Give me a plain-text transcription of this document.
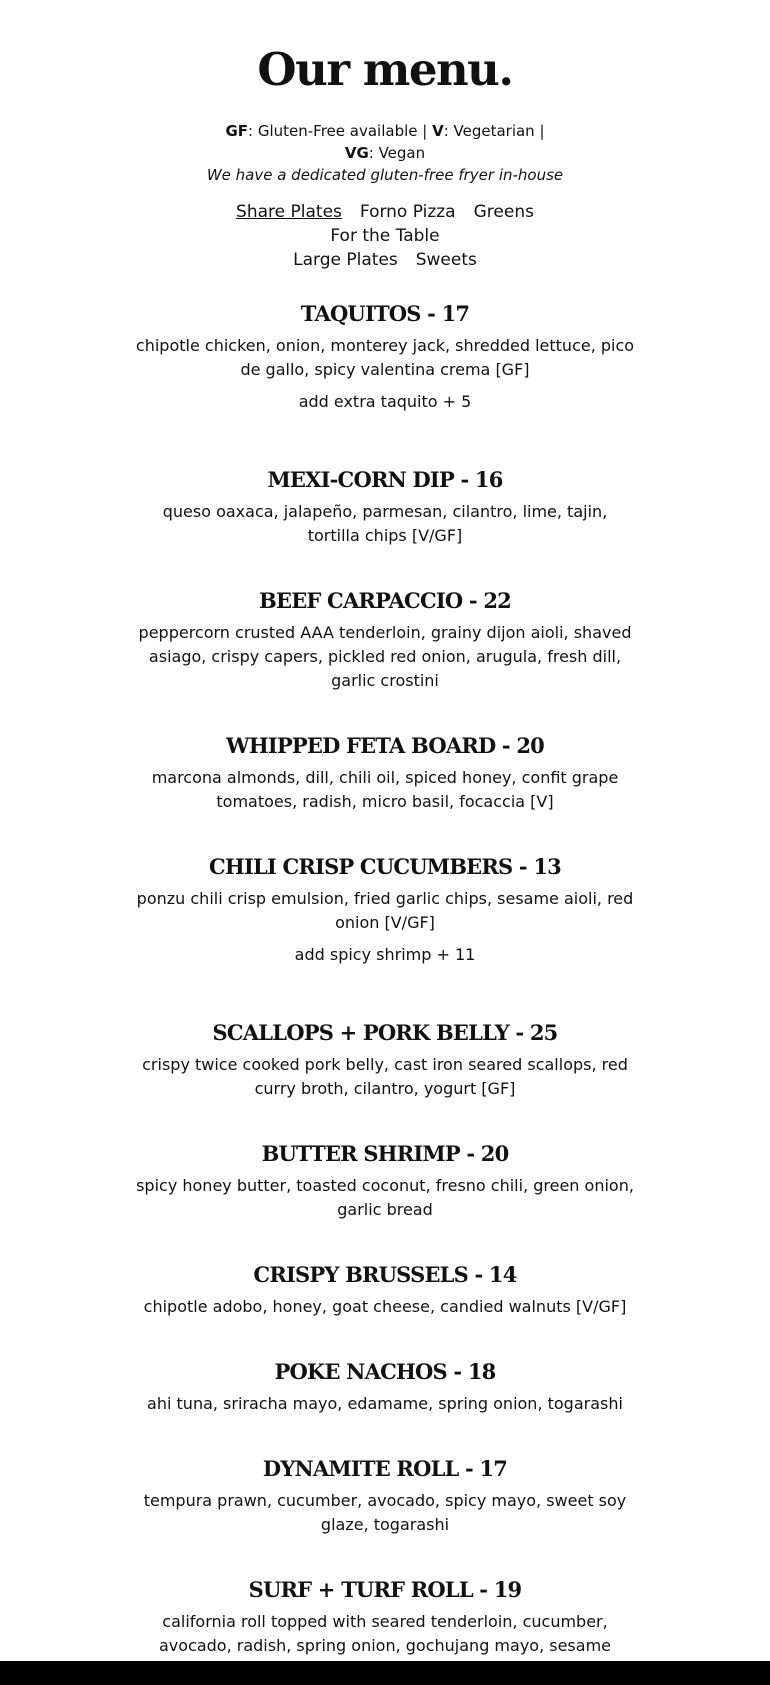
Our menu.
GF: Gluten-Free available | V: Vegetarian | VG: Vegan
We have a dedicated gluten-free fryer in-house
Share Plates Forno Pizza GreensFor the Table
Large Plates Sweets
TAQUITOS - 17

chipotle chicken, onion, monterey jack, shredded lettuce, pico de gallo, spicy valentina crema [GF]

add extra taquito + 5

MEXI-CORN DIP - 16

queso oaxaca, jalapeño, parmesan, cilantro, lime, tajin, tortilla chips [V/GF]

BEEF CARPACCIO - 22

peppercorn crusted AAA tenderloin, grainy dijon aioli, shaved asiago, crispy capers, pickled red onion, arugula, fresh dill, garlic crostini

WHIPPED FETA BOARD - 20

marcona almonds, dill, chili oil, spiced honey, confit grape tomatoes, radish, micro basil, focaccia [V]

CHILI CRISP CUCUMBERS - 13

ponzu chili crisp emulsion, fried garlic chips, sesame aioli, red onion [V/GF]

add spicy shrimp + 11

SCALLOPS + PORK BELLY - 25

crispy twice cooked pork belly, cast iron seared scallops, red curry broth, cilantro, yogurt [GF]

BUTTER SHRIMP - 20

spicy honey butter, toasted coconut, fresno chili, green onion, garlic bread

CRISPY BRUSSELS - 14

chipotle adobo, honey, goat cheese, candied walnuts [V/GF]

POKE NACHOS - 18

ahi tuna, sriracha mayo, edamame, spring onion, togarashi

DYNAMITE ROLL - 17

tempura prawn, cucumber, avocado, spicy mayo, sweet soy glaze, togarashi

SURF + TURF ROLL - 19

california roll topped with seared tenderloin, cucumber, avocado, radish, spring onion, gochujang mayo, sesame
